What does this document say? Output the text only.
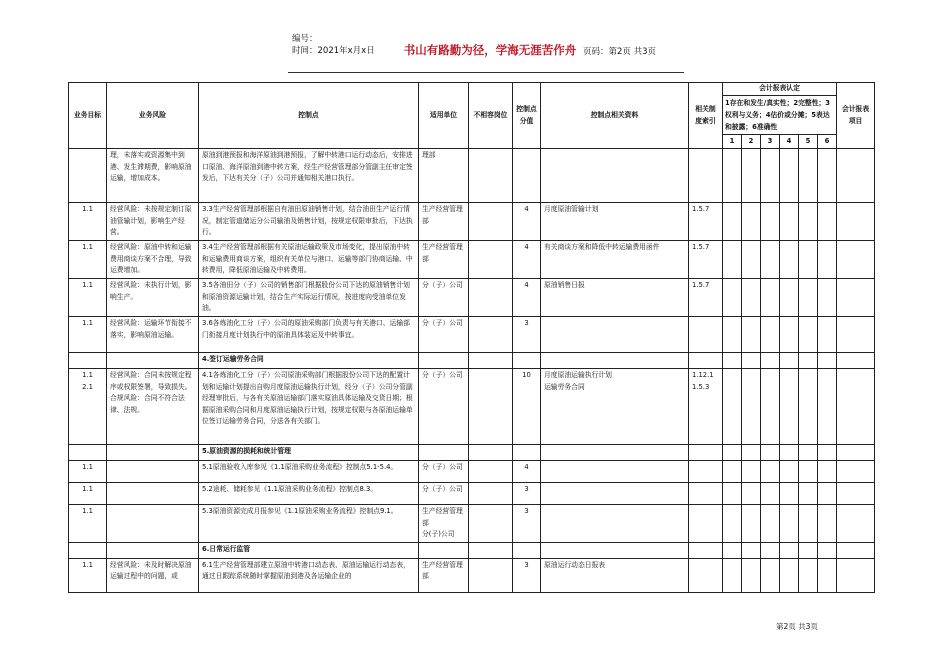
编号：
时间：2021年x月x日	书山有路勤为径，学海无涯苦作舟 页码：第2页 共3页
业务目标	业务风险	控制点	适用单位	不相容岗位	控制点分值	控制点相关资料	相关制度索引	会计报表认定
1存在和发生/真实性；2完整性；3权利与义务；4估价或分摊；5表达和披露；6准确性						会计报表项目
								1	2	3	4	5	6	
	理，未落实或资源集中到港、发生滞期费，影响原油运输，增加成本。	原油到港预报和海洋原油到港预报，了解中转港口运行动态后，安排进口原油、海洋原油到港中转方案，经生产经营管理部分管副主任审定签发后，下达有关分（子）公司并通知相关港口执行。	理部											
1.1	经营风险：未按规定制订原油管输计划，影响生产经营。	3.3生产经营管理部根据自有油田原油销售计划，结合油田生产运行情况，制定管道储运分公司输油及销售计划，按规定权限审批后，下达执行。	生产经营管理部		4	月度原油管输计划	1.5.7							
1.1	经营风险：原油中转和运输费用商谈方案不合理，导致运费增加。	3.4生产经营管理部根据有关原油运输政策及市场变化，提出原油中转和运输费用商谈方案，组织有关单位与港口、运输等部门协商运输、中转费用，降低原油运输及中转费用。	生产经营管理部		4	有关商谈方案和降低中转运输费用函件	1.5.7							
1.1	经营风险：未执行计划，影响生产。	3.5各油田分（子）公司的销售部门根据股份公司下达的原油销售计划和原油资源运输计划，结合生产实际运行情况，按进度向受油单位发油。	分（子）公司		4	原油销售日报	1.5.7							
1.1	经营风险：运输环节衔接不落实，影响原油运输。	3.6各炼油化工分（子）公司的原油采购部门负责与有关港口、运输部门衔接月度计划执行中的原油具体装运及中转事宜。	分（子）公司		3									
		4.签订运输劳务合同												
1.1
2.1	经营风险：合同未按规定程序或权限签署，导致损失。
合规风险：合同不符合法律、法规。	4.1各炼油化工分（子）公司原油采购部门根据股份公司下达的配置计划和运输计划提出自购月度原油运输执行计划，经分（子）公司分管副经理审批后，与各有关原油运输部门落实原油具体运输及交货日期；根据原油采购合同和月度原油运输执行计划，按规定权限与各原油运输单位签订运输劳务合同，分送各有关部门。	分（子）公司		10	月度原油运输执行计划
运输劳务合同	1.12.1
1.5.3							
		5.原油资源的损耗和统计管理												
1.1		5.1原油验收入库参见《1.1原油采购业务流程》控制点5.1-5.4。	分（子）公司		4									
1.1		5.2途耗、储耗参见《1.1原油采购业务流程》控制点8.3。	分（子）公司		3									
1.1		5.3原油资源完成月报参见《1.1原油采购业务流程》控制点9.1。	生产经营管理部
分(子)公司		3									
		6.日常运行监管												
1.1	经营风险：未及时解决原油运输过程中的问题，或	6.1生产经营管理部建立原油中转港口动态表、原油运输运行动态表，通过日跟踪系统随时掌握原油到港及各运输企业的	生产经营管理部		3	原油运行动态日报表								
第2页 共3页
